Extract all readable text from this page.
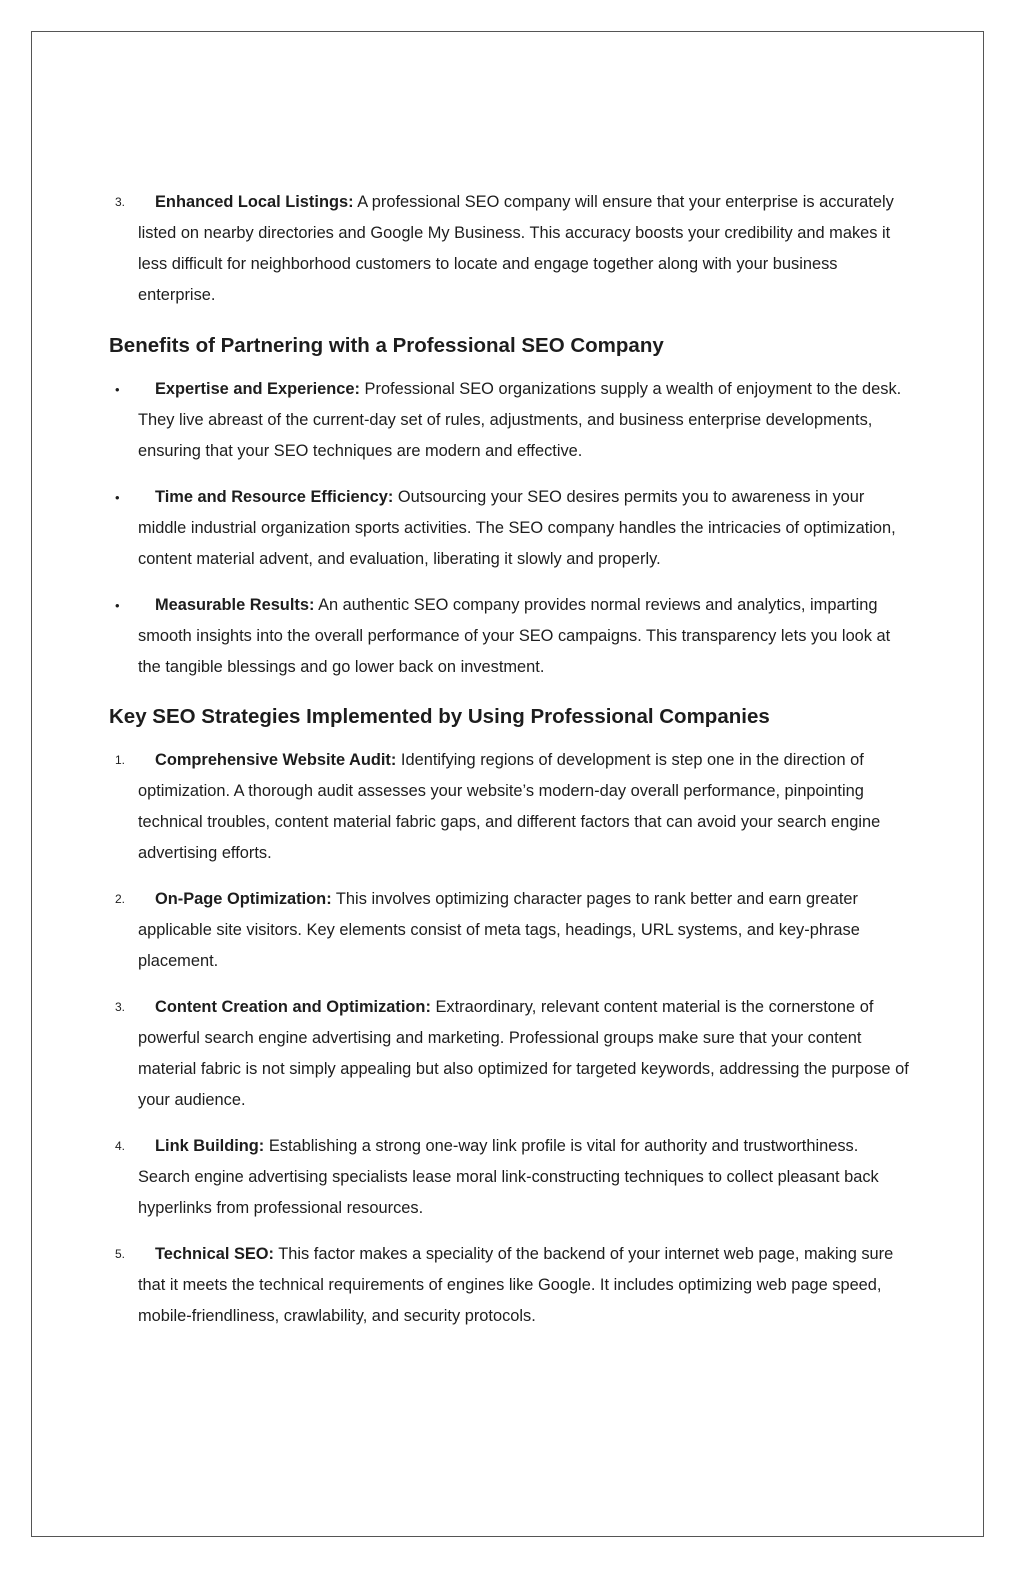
3. Enhanced Local Listings: A professional SEO company will ensure that your enterprise is accurately listed on nearby directories and Google My Business. This accuracy boosts your credibility and makes it less difficult for neighborhood customers to locate and engage together along with your business enterprise.
Benefits of Partnering with a Professional SEO Company
• Expertise and Experience: Professional SEO organizations supply a wealth of enjoyment to the desk. They live abreast of the current-day set of rules, adjustments, and business enterprise developments, ensuring that your SEO techniques are modern and effective.
• Time and Resource Efficiency: Outsourcing your SEO desires permits you to awareness in your middle industrial organization sports activities. The SEO company handles the intricacies of optimization, content material advent, and evaluation, liberating it slowly and properly.
• Measurable Results: An authentic SEO company provides normal reviews and analytics, imparting smooth insights into the overall performance of your SEO campaigns. This transparency lets you look at the tangible blessings and go lower back on investment.
Key SEO Strategies Implemented by Using Professional Companies
1. Comprehensive Website Audit: Identifying regions of development is step one in the direction of optimization. A thorough audit assesses your website’s modern-day overall performance, pinpointing technical troubles, content material fabric gaps, and different factors that can avoid your search engine advertising efforts.
2. On-Page Optimization: This involves optimizing character pages to rank better and earn greater applicable site visitors. Key elements consist of meta tags, headings, URL systems, and key-phrase placement.
3. Content Creation and Optimization: Extraordinary, relevant content material is the cornerstone of powerful search engine advertising and marketing. Professional groups make sure that your content material fabric is not simply appealing but also optimized for targeted keywords, addressing the purpose of your audience.
4. Link Building: Establishing a strong one-way link profile is vital for authority and trustworthiness. Search engine advertising specialists lease moral link-constructing techniques to collect pleasant back hyperlinks from professional resources.
5. Technical SEO: This factor makes a speciality of the backend of your internet web page, making sure that it meets the technical requirements of engines like Google. It includes optimizing web page speed, mobile-friendliness, crawlability, and security protocols.
